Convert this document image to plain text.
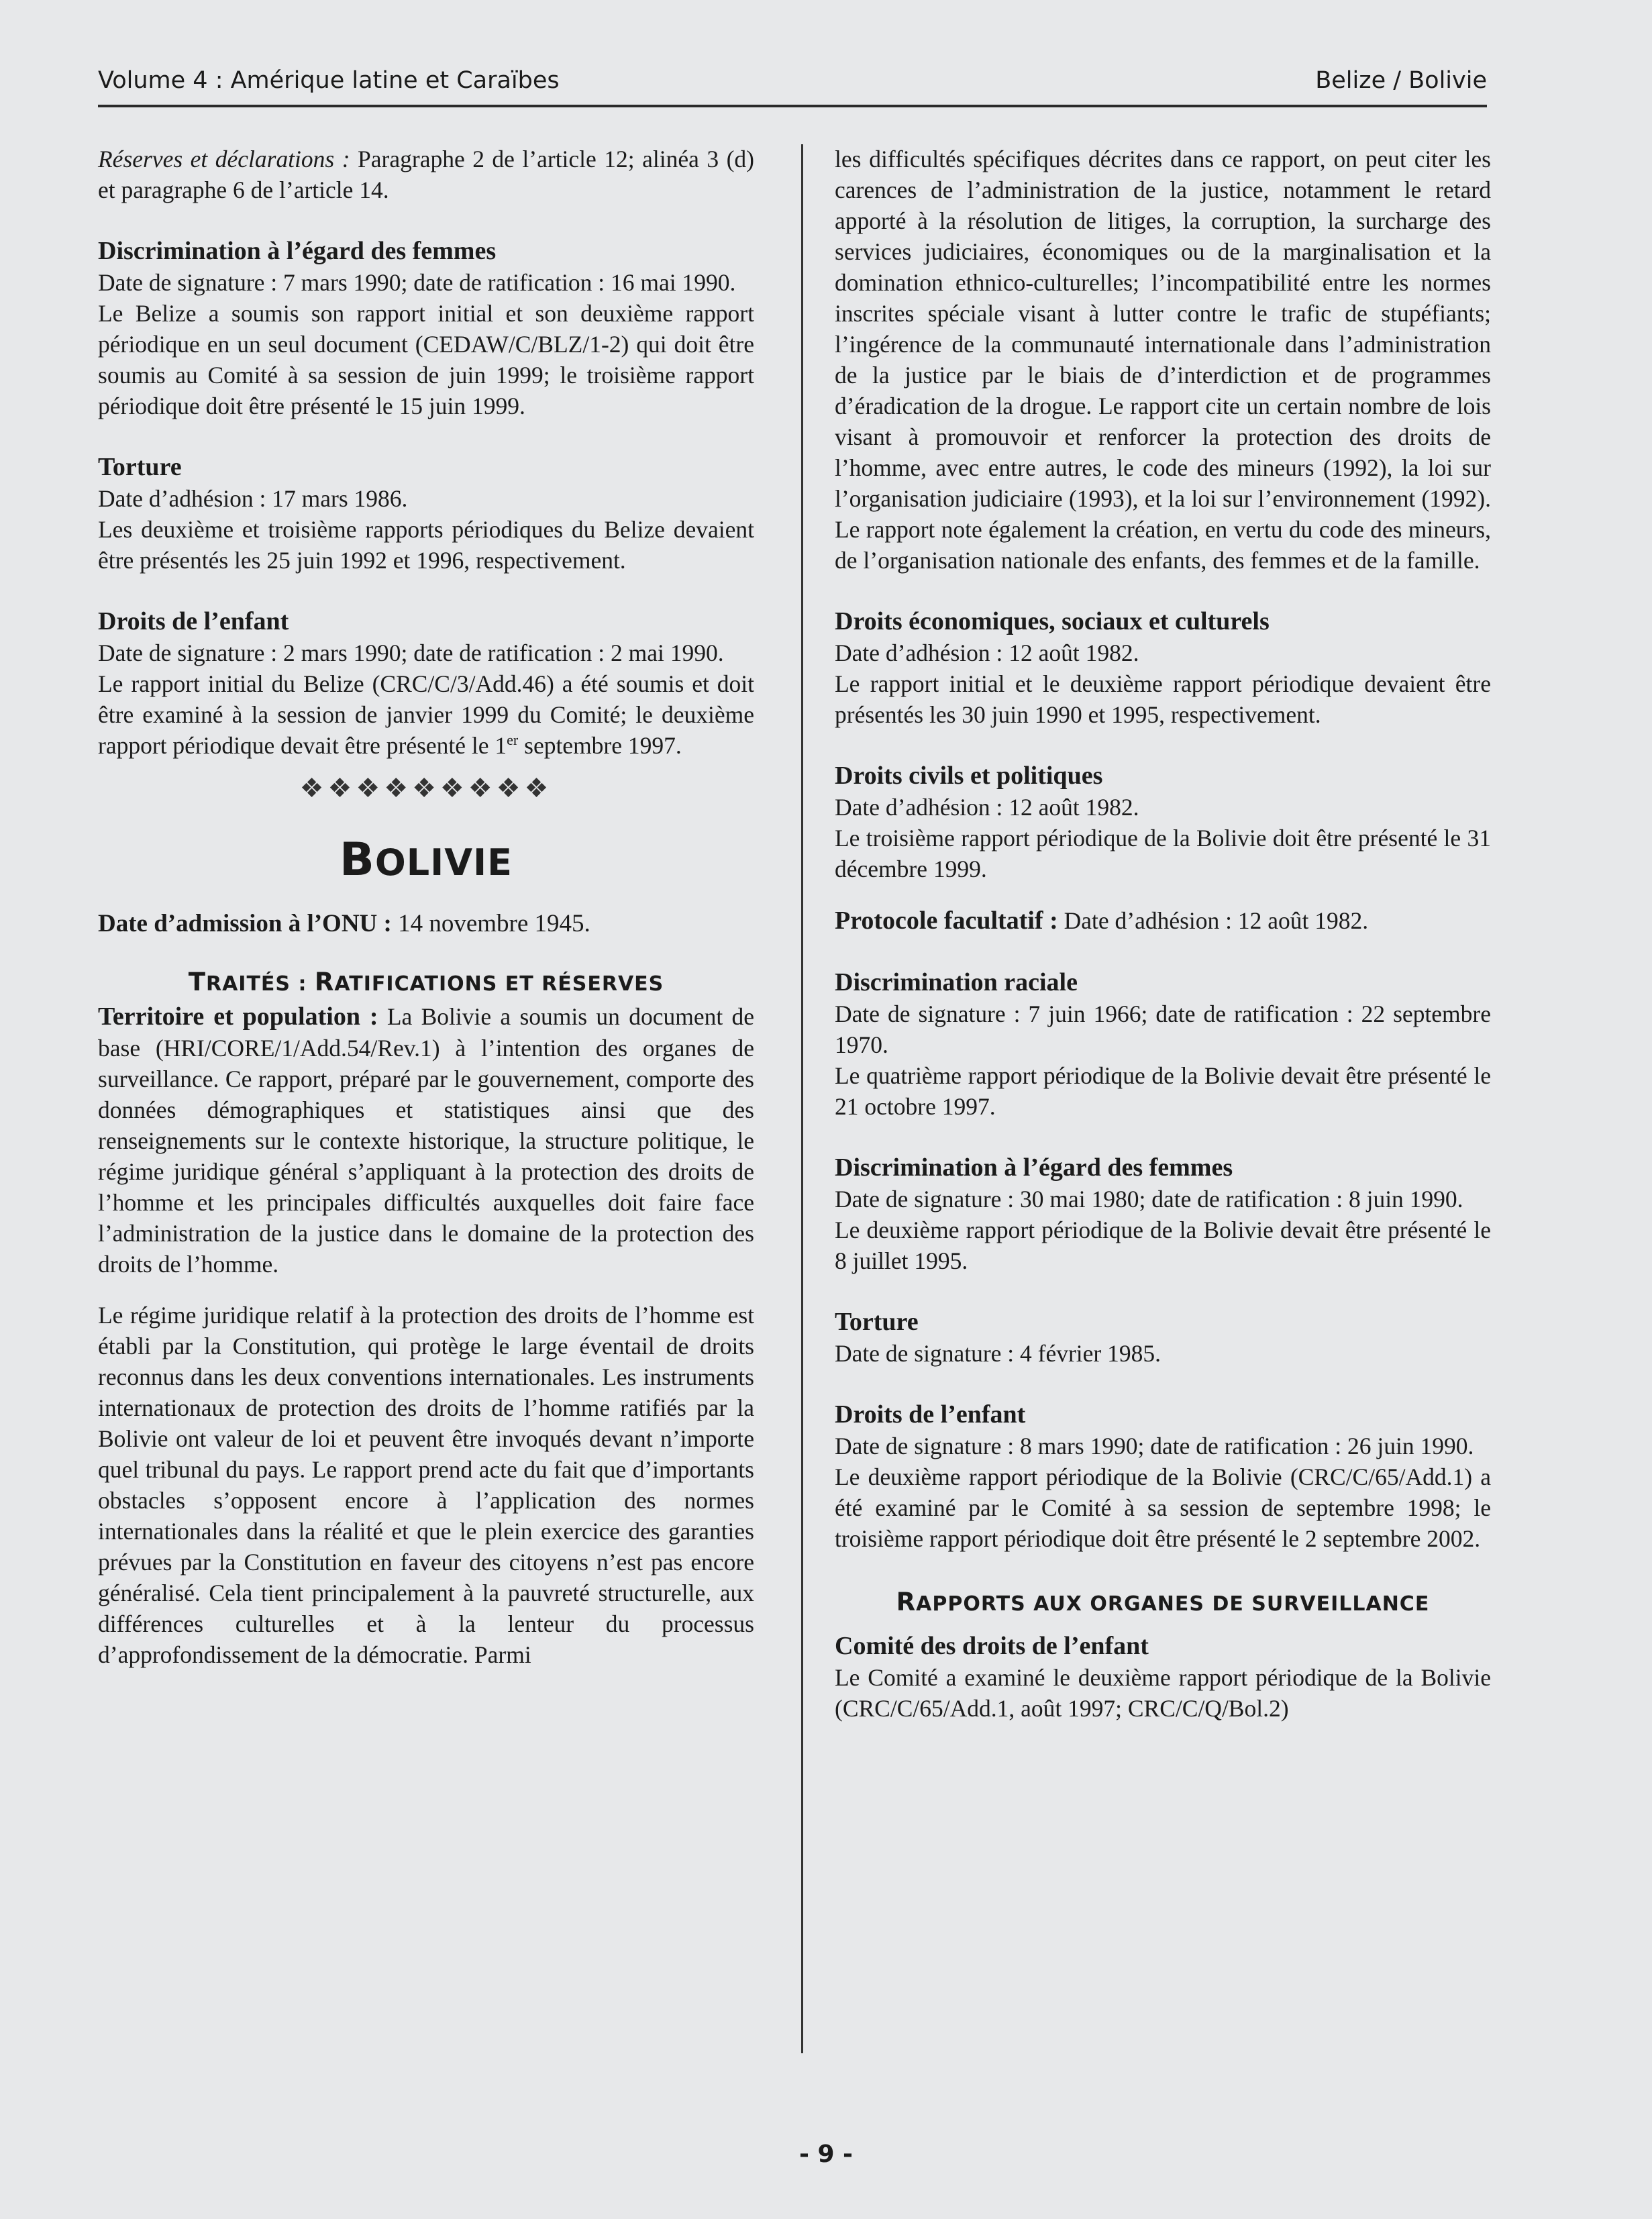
Volume 4 : Amérique latine et Caraïbes	Belize / Bolivie

Réserves et déclarations : Paragraphe 2 de l’article 12; alinéa 3 (d) et paragraphe 6 de l’article 14.

Discrimination à l’égard des femmes

Date de signature : 7 mars 1990; date de ratification : 16 mai 1990.

Le Belize a soumis son rapport initial et son deuxième rapport périodique en un seul document (CEDAW/C/BLZ/1-2) qui doit être soumis au Comité à sa session de juin 1999; le troisième rapport périodique doit être présenté le 15 juin 1999.

Torture

Date d’adhésion : 17 mars 1986.

Les deuxième et troisième rapports périodiques du Belize devaient être présentés les 25 juin 1992 et 1996, respectivement.

Droits de l’enfant

Date de signature : 2 mars 1990; date de ratification : 2 mai 1990.

Le rapport initial du Belize (CRC/C/3/Add.46) a été soumis et doit être examiné à la session de janvier 1999 du Comité; le deuxième rapport périodique devait être présenté le 1er septembre 1997.

❖❖❖❖❖❖❖❖❖
BOLIVIE

Date d’admission à l’ONU : 14 novembre 1945.

TRAITÉS : RATIFICATIONS ET RÉSERVES

Territoire et population : La Bolivie a soumis un document de base (HRI/CORE/1/Add.54/Rev.1) à l’intention des organes de surveillance. Ce rapport, préparé par le gouvernement, comporte des données démographiques et statistiques ainsi que des renseignements sur le contexte historique, la structure politique, le régime juridique général s’appliquant à la protection des droits de l’homme et les principales difficultés auxquelles doit faire face l’administration de la justice dans le domaine de la protection des droits de l’homme.

Le régime juridique relatif à la protection des droits de l’homme est établi par la Constitution, qui protège le large éventail de droits reconnus dans les deux conventions internationales. Les instruments internationaux de protection des droits de l’homme ratifiés par la Bolivie ont valeur de loi et peuvent être invoqués devant n’importe quel tribunal du pays. Le rapport prend acte du fait que d’importants obstacles s’opposent encore à l’application des normes internationales dans la réalité et que le plein exercice des garanties prévues par la Constitution en faveur des citoyens n’est pas encore généralisé. Cela tient principalement à la pauvreté structurelle, aux différences culturelles et à la lenteur du processus d’approfondissement de la démocratie. Parmi

les difficultés spécifiques décrites dans ce rapport, on peut citer les carences de l’administration de la justice, notamment le retard apporté à la résolution de litiges, la corruption, la surcharge des services judiciaires, économiques ou de la marginalisation et la domination ethnico-culturelles; l’incompatibilité entre les normes inscrites spéciale visant à lutter contre le trafic de stupéfiants; l’ingérence de la communauté internationale dans l’administration de la justice par le biais de d’interdiction et de programmes d’éradication de la drogue. Le rapport cite un certain nombre de lois visant à promouvoir et renforcer la protection des droits de l’homme, avec entre autres, le code des mineurs (1992), la loi sur l’organisation judiciaire (1993), et la loi sur l’environnement (1992). Le rapport note également la création, en vertu du code des mineurs, de l’organisation nationale des enfants, des femmes et de la famille.

Droits économiques, sociaux et culturels

Date d’adhésion : 12 août 1982.

Le rapport initial et le deuxième rapport périodique devaient être présentés les 30 juin 1990 et 1995, respectivement.

Droits civils et politiques

Date d’adhésion : 12 août 1982.

Le troisième rapport périodique de la Bolivie doit être présenté le 31 décembre 1999.

Protocole facultatif : Date d’adhésion : 12 août 1982.

Discrimination raciale

Date de signature : 7 juin 1966; date de ratification : 22 septembre 1970.

Le quatrième rapport périodique de la Bolivie devait être présenté le 21 octobre 1997.

Discrimination à l’égard des femmes

Date de signature : 30 mai 1980; date de ratification : 8 juin 1990.

Le deuxième rapport périodique de la Bolivie devait être présenté le 8 juillet 1995.

Torture

Date de signature : 4 février 1985.

Droits de l’enfant

Date de signature : 8 mars 1990; date de ratification : 26 juin 1990.

Le deuxième rapport périodique de la Bolivie (CRC/C/65/Add.1) a été examiné par le Comité à sa session de septembre 1998; le troisième rapport périodique doit être présenté le 2 septembre 2002.

RAPPORTS AUX ORGANES DE SURVEILLANCE
Comité des droits de l’enfant

Le Comité a examiné le deuxième rapport périodique de la Bolivie (CRC/C/65/Add.1, août 1997; CRC/C/Q/Bol.2)

- 9 -
